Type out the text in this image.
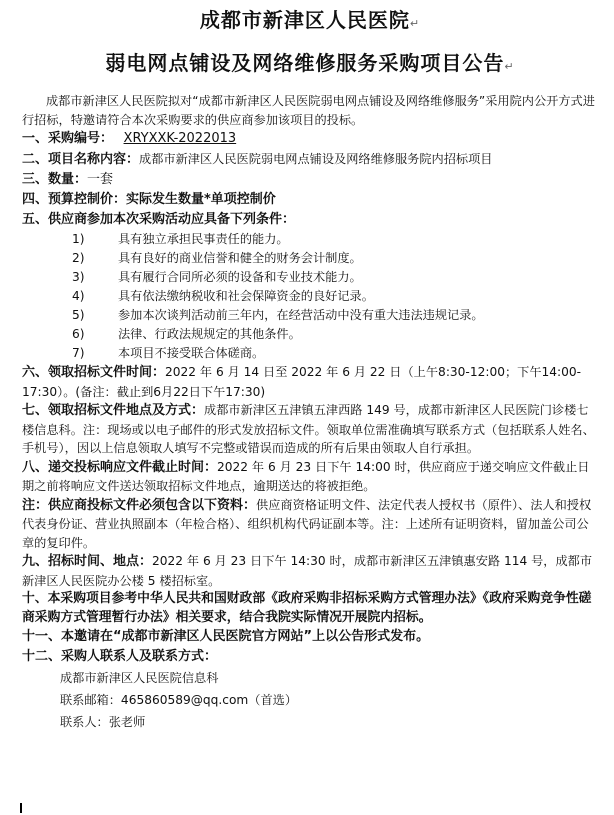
成都市新津区人民医院↵
弱电网点铺设及网络维修服务采购项目公告↵
成都市新津区人民医院拟对“成都市新津区人民医院弱电网点铺设及网络维修服务”采用院内公开方式进行招标，特邀请符合本次采购要求的供应商参加该项目的投标。
一、采购编号： XRYXXK-2022013
二、项目名称内容：成都市新津区人民医院弱电网点铺设及网络维修服务院内招标项目
三、数量：一套
四、预算控制价：实际发生数量*单项控制价
五、供应商参加本次采购活动应具备下列条件：
1)	具有独立承担民事责任的能力。
2)	具有良好的商业信誉和健全的财务会计制度。
3)	具有履行合同所必须的设备和专业技术能力。
4)	具有依法缴纳税收和社会保障资金的良好记录。
5)	参加本次谈判活动前三年内，在经营活动中没有重大违法违规记录。
6)	法律、行政法规规定的其他条件。
7)	本项目不接受联合体磋商。
六、领取招标文件时间：2022 年 6 月 14 日至 2022 年 6 月 22 日（上午8:30-12:00；下午14:00-17:30）。(备注：截止到6月22日下午17:30)
七、领取招标文件地点及方式：成都市新津区五津镇五津西路 149 号，成都市新津区人民医院门诊楼七楼信息科。注：现场或以电子邮件的形式发放招标文件。领取单位需准确填写联系方式（包括联系人姓名、手机号），因以上信息领取人填写不完整或错误而造成的所有后果由领取人自行承担。
八、递交投标响应文件截止时间：2022 年 6 月 23 日下午 14:00 时，供应商应于递交响应文件截止日期之前将响应文件送达领取招标文件地点，逾期送达的将被拒绝。
注：供应商投标文件必须包含以下资料：供应商资格证明文件、法定代表人授权书（原件）、法人和授权代表身份证、营业执照副本（年检合格）、组织机构代码证副本等。注：上述所有证明资料，留加盖公司公章的复印件。
九、招标时间、地点：2022 年 6 月 23 日下午 14:30 时，成都市新津区五津镇惠安路 114 号，成都市新津区人民医院办公楼 5 楼招标室。
十、本采购项目参考中华人民共和国财政部《政府采购非招标采购方式管理办法》《政府采购竞争性磋商采购方式管理暂行办法》相关要求，结合我院实际情况开展院内招标。
十一、本邀请在“成都市新津区人民医院官方网站”上以公告形式发布。
十二、采购人联系人及联系方式：
成都市新津区人民医院信息科
联系邮箱：465860589@qq.com（首选）
联系人：张老师
